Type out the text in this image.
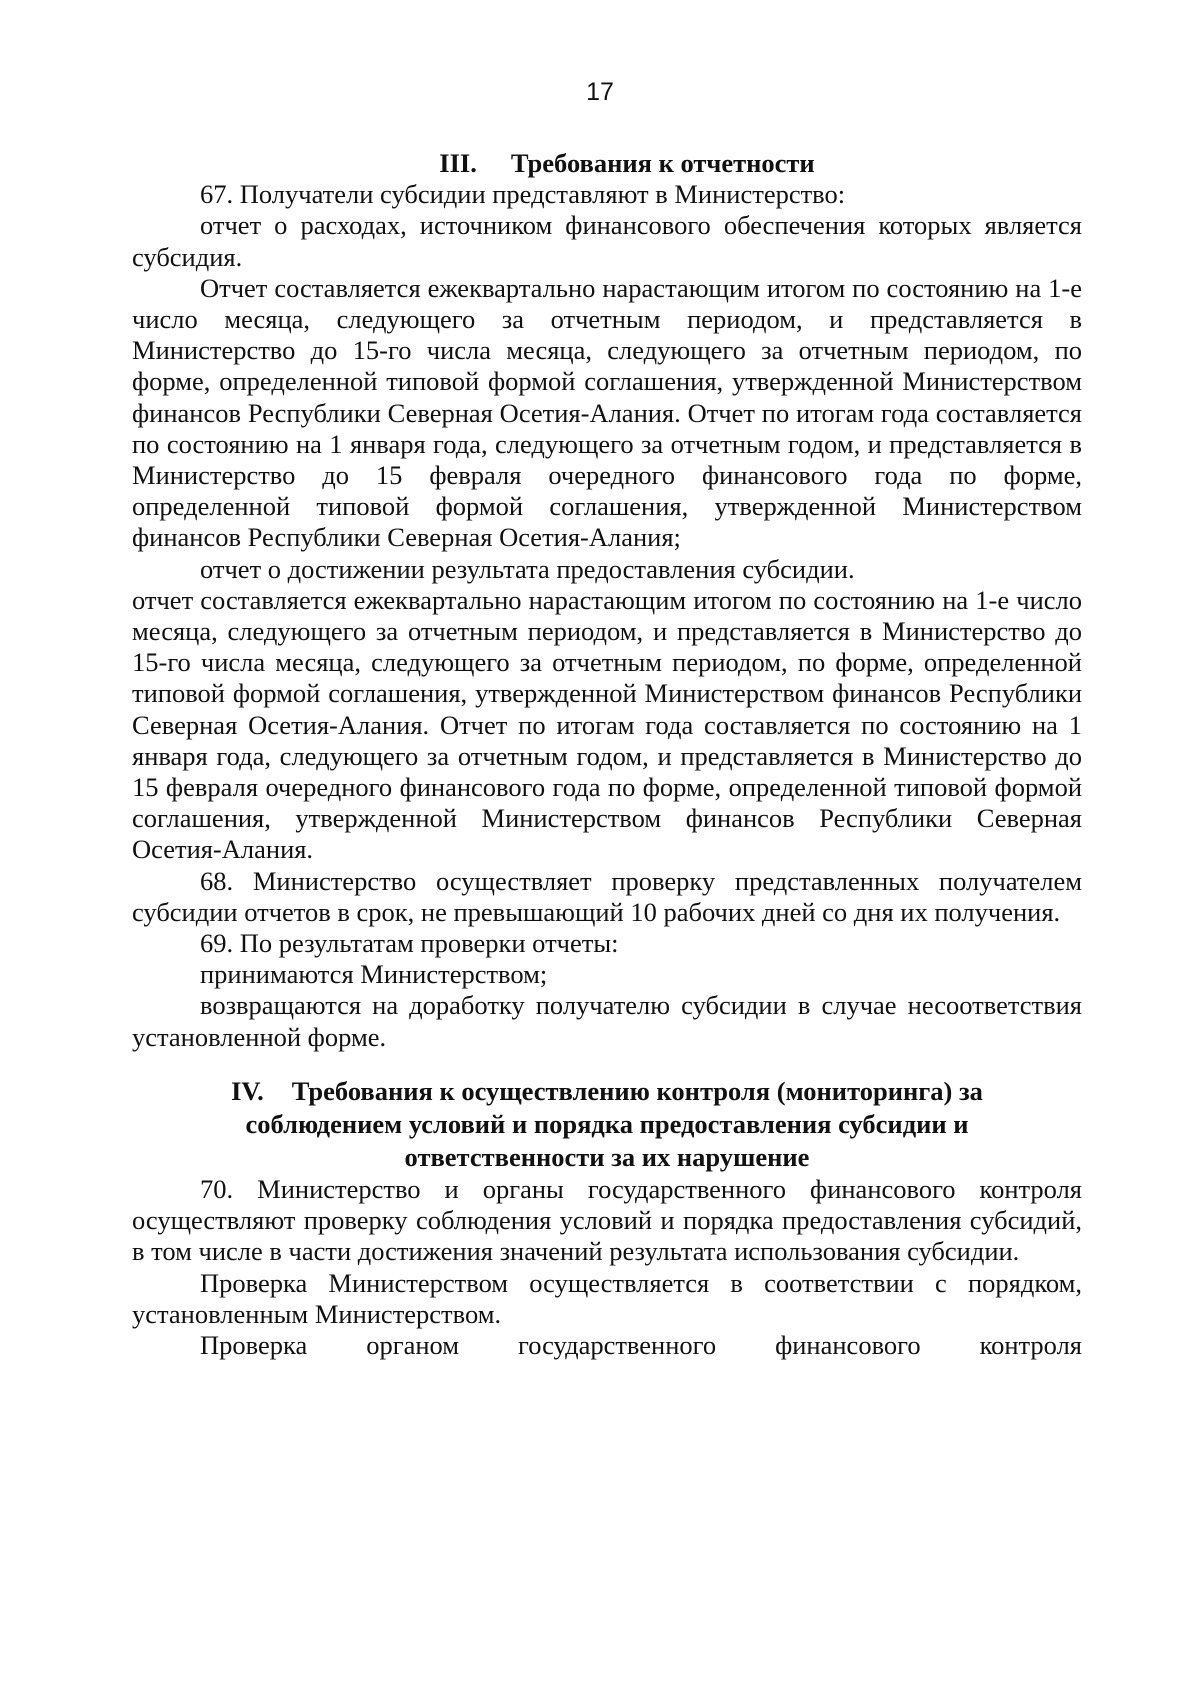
17
III. Требования к отчетности

67. Получатели субсидии представляют в Министерство:

отчет о расходах, источником финансового обеспечения которых является субсидия.

Отчет составляется ежеквартально нарастающим итогом по состоянию на 1-е число месяца, следующего за отчетным периодом, и представляется в Министерство до 15-го числа месяца, следующего за отчетным периодом, по форме, определенной типовой формой соглашения, утвержденной Министерством финансов Республики Северная Осетия-Алания. Отчет по итогам года составляется по состоянию на 1 января года, следующего за отчетным годом, и представляется в Министерство до 15 февраля очередного финансового года по форме, определенной типовой формой соглашения, утвержденной Министерством финансов Республики Северная Осетия-Алания;

отчет о достижении результата предоставления субсидии.

отчет составляется ежеквартально нарастающим итогом по состоянию на 1-е число месяца, следующего за отчетным периодом, и представляется в Министерство до 15-го числа месяца, следующего за отчетным периодом, по форме, определенной типовой формой соглашения, утвержденной Министерством финансов Республики Северная Осетия-Алания. Отчет по итогам года составляется по состоянию на 1 января года, следующего за отчетным годом, и представляется в Министерство до 15 февраля очередного финансового года по форме, определенной типовой формой соглашения, утвержденной Министерством финансов Республики Северная Осетия-Алания.

68. Министерство осуществляет проверку представленных получателем субсидии отчетов в срок, не превышающий 10 рабочих дней со дня их получения.

69. По результатам проверки отчеты:

принимаются Министерством;

возвращаются на доработку получателю субсидии в случае несоответствия установленной форме.

IV. Требования к осуществлению контроля (мониторинга) за
соблюдением условий и порядка предоставления субсидии и
ответственности за их нарушение

70. Министерство и органы государственного финансового контроля осуществляют проверку соблюдения условий и порядка предоставления субсидий, в том числе в части достижения значений результата использования субсидии.

Проверка Министерством осуществляется в соответствии с порядком, установленным Министерством.

Проверка органом государственного финансового контроля
